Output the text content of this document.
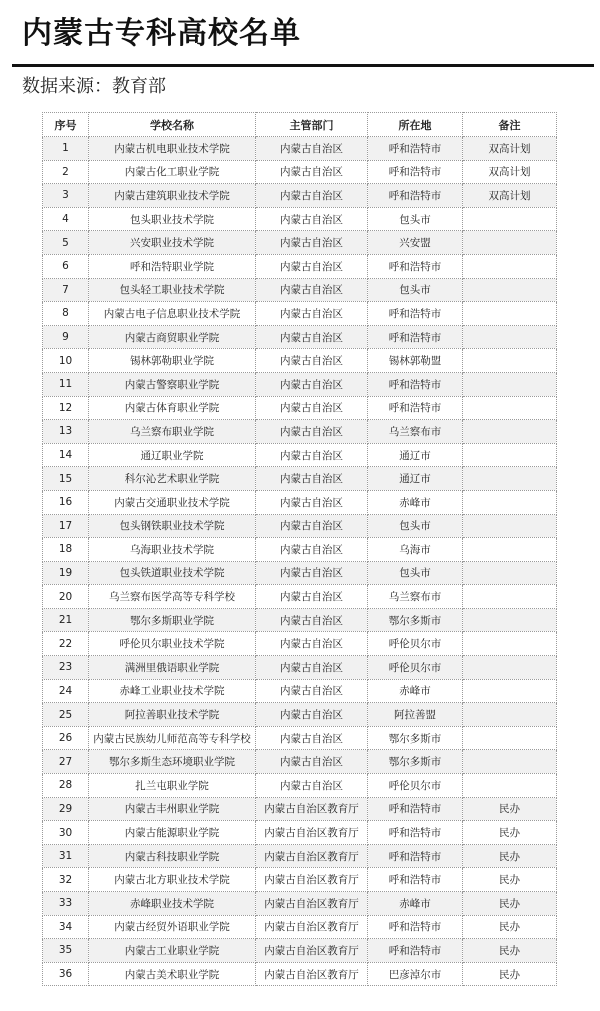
内蒙古专科高校名单
数据来源：教育部
序号	学校名称	主管部门	所在地	备注
1	内蒙古机电职业技术学院	内蒙古自治区	呼和浩特市	双高计划
2	内蒙古化工职业学院	内蒙古自治区	呼和浩特市	双高计划
3	内蒙古建筑职业技术学院	内蒙古自治区	呼和浩特市	双高计划
4	包头职业技术学院	内蒙古自治区	包头市	
5	兴安职业技术学院	内蒙古自治区	兴安盟	
6	呼和浩特职业学院	内蒙古自治区	呼和浩特市	
7	包头轻工职业技术学院	内蒙古自治区	包头市	
8	内蒙古电子信息职业技术学院	内蒙古自治区	呼和浩特市	
9	内蒙古商贸职业学院	内蒙古自治区	呼和浩特市	
10	锡林郭勒职业学院	内蒙古自治区	锡林郭勒盟	
11	内蒙古警察职业学院	内蒙古自治区	呼和浩特市	
12	内蒙古体育职业学院	内蒙古自治区	呼和浩特市	
13	乌兰察布职业学院	内蒙古自治区	乌兰察布市	
14	通辽职业学院	内蒙古自治区	通辽市	
15	科尔沁艺术职业学院	内蒙古自治区	通辽市	
16	内蒙古交通职业技术学院	内蒙古自治区	赤峰市	
17	包头钢铁职业技术学院	内蒙古自治区	包头市	
18	乌海职业技术学院	内蒙古自治区	乌海市	
19	包头铁道职业技术学院	内蒙古自治区	包头市	
20	乌兰察布医学高等专科学校	内蒙古自治区	乌兰察布市	
21	鄂尔多斯职业学院	内蒙古自治区	鄂尔多斯市	
22	呼伦贝尔职业技术学院	内蒙古自治区	呼伦贝尔市	
23	满洲里俄语职业学院	内蒙古自治区	呼伦贝尔市	
24	赤峰工业职业技术学院	内蒙古自治区	赤峰市	
25	阿拉善职业技术学院	内蒙古自治区	阿拉善盟	
26	内蒙古民族幼儿师范高等专科学校	内蒙古自治区	鄂尔多斯市	
27	鄂尔多斯生态环境职业学院	内蒙古自治区	鄂尔多斯市	
28	扎兰屯职业学院	内蒙古自治区	呼伦贝尔市	
29	内蒙古丰州职业学院	内蒙古自治区教育厅	呼和浩特市	民办
30	内蒙古能源职业学院	内蒙古自治区教育厅	呼和浩特市	民办
31	内蒙古科技职业学院	内蒙古自治区教育厅	呼和浩特市	民办
32	内蒙古北方职业技术学院	内蒙古自治区教育厅	呼和浩特市	民办
33	赤峰职业技术学院	内蒙古自治区教育厅	赤峰市	民办
34	内蒙古经贸外语职业学院	内蒙古自治区教育厅	呼和浩特市	民办
35	内蒙古工业职业学院	内蒙古自治区教育厅	呼和浩特市	民办
36	内蒙古美术职业学院	内蒙古自治区教育厅	巴彦淖尔市	民办
